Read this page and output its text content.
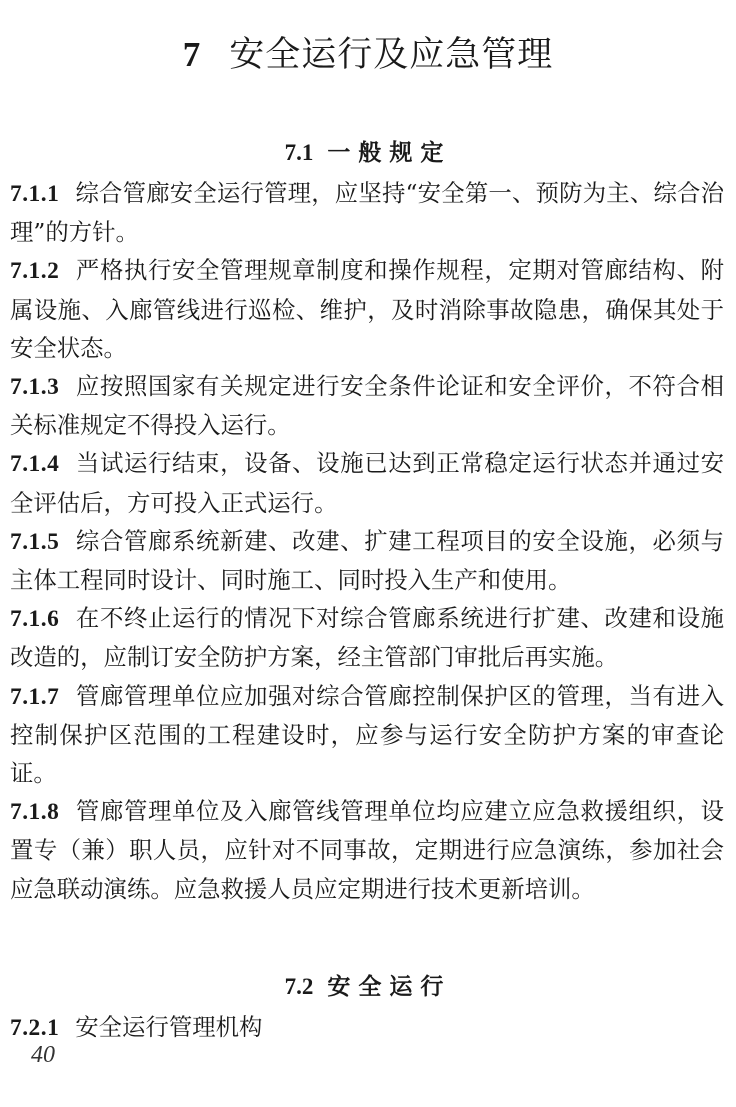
7 安全运行及应急管理
7.1 一般规定

7.1.1 综合管廊安全运行管理，应坚持“安全第一、预防为主、综合治理”的方针。

7.1.2 严格执行安全管理规章制度和操作规程，定期对管廊结构、附属设施、入廊管线进行巡检、维护，及时消除事故隐患，确保其处于安全状态。

7.1.3 应按照国家有关规定进行安全条件论证和安全评价，不符合相关标准规定不得投入运行。

7.1.4 当试运行结束，设备、设施已达到正常稳定运行状态并通过安全评估后，方可投入正式运行。

7.1.5 综合管廊系统新建、改建、扩建工程项目的安全设施，必须与主体工程同时设计、同时施工、同时投入生产和使用。

7.1.6 在不终止运行的情况下对综合管廊系统进行扩建、改建和设施改造的，应制订安全防护方案，经主管部门审批后再实施。

7.1.7 管廊管理单位应加强对综合管廊控制保护区的管理，当有进入控制保护区范围的工程建设时，应参与运行安全防护方案的审查论证。

7.1.8 管廊管理单位及入廊管线管理单位均应建立应急救援组织，设置专（兼）职人员，应针对不同事故，定期进行应急演练，参加社会应急联动演练。应急救援人员应定期进行技术更新培训。

7.2 安全运行

7.2.1 安全运行管理机构

40
